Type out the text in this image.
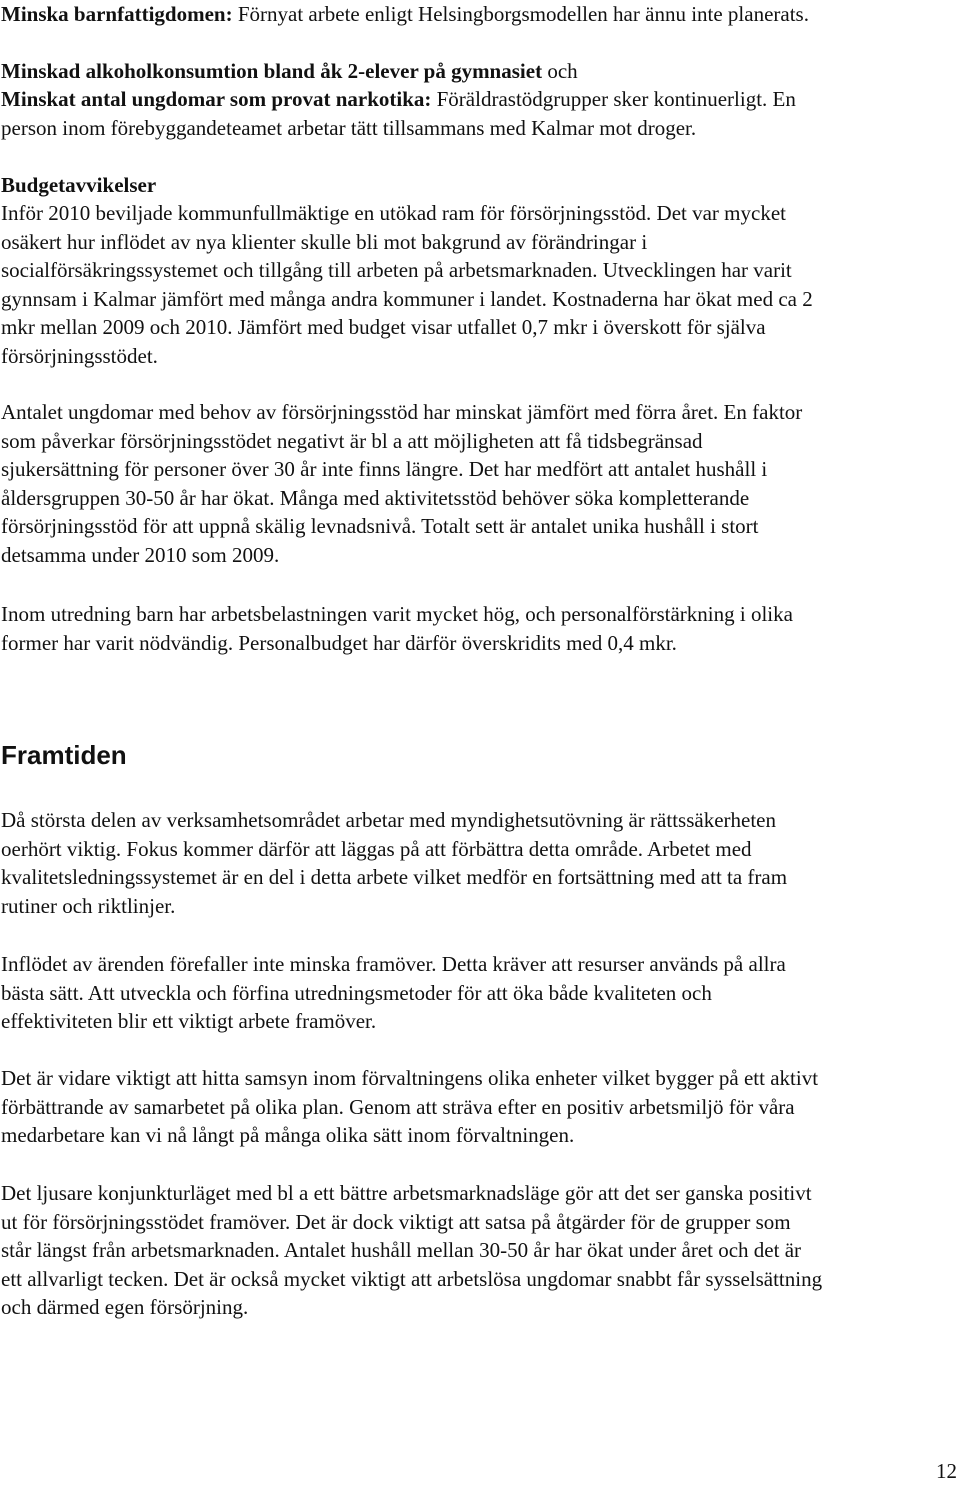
Minska barnfattigdomen: Förnyat arbete enligt Helsingborgsmodellen har ännu inte planerats.
Minskad alkoholkonsumtion bland åk 2-elever på gymnasiet och
Minskat antal ungdomar som provat narkotika: Föräldrastödgrupper sker kontinuerligt. En
person inom förebyggandeteamet arbetar tätt tillsammans med Kalmar mot droger.
Budgetavvikelser
Inför 2010 beviljade kommunfullmäktige en utökad ram för försörjningsstöd. Det var mycket
osäkert hur inflödet av nya klienter skulle bli mot bakgrund av förändringar i
socialförsäkringssystemet och tillgång till arbeten på arbetsmarknaden. Utvecklingen har varit
gynnsam i Kalmar jämfört med många andra kommuner i landet. Kostnaderna har ökat med ca 2
mkr mellan 2009 och 2010. Jämfört med budget visar utfallet 0,7 mkr i överskott för själva
försörjningsstödet.
Antalet ungdomar med behov av försörjningsstöd har minskat jämfört med förra året. En faktor
som påverkar försörjningsstödet negativt är bl a att möjligheten att få tidsbegränsad
sjukersättning för personer över 30 år inte finns längre. Det har medfört att antalet hushåll i
åldersgruppen 30-50 år har ökat. Många med aktivitetsstöd behöver söka kompletterande
försörjningsstöd för att uppnå skälig levnadsnivå. Totalt sett är antalet unika hushåll i stort
detsamma under 2010 som 2009.
Inom utredning barn har arbetsbelastningen varit mycket hög, och personalförstärkning i olika
former har varit nödvändig. Personalbudget har därför överskridits med 0,4 mkr.
Framtiden
Då största delen av verksamhetsområdet arbetar med myndighetsutövning är rättssäkerheten
oerhört viktig. Fokus kommer därför att läggas på att förbättra detta område. Arbetet med
kvalitetsledningssystemet är en del i detta arbete vilket medför en fortsättning med att ta fram
rutiner och riktlinjer.
Inflödet av ärenden förefaller inte minska framöver. Detta kräver att resurser används på allra
bästa sätt. Att utveckla och förfina utredningsmetoder för att öka både kvaliteten och
effektiviteten blir ett viktigt arbete framöver.
Det är vidare viktigt att hitta samsyn inom förvaltningens olika enheter vilket bygger på ett aktivt
förbättrande av samarbetet på olika plan. Genom att sträva efter en positiv arbetsmiljö för våra
medarbetare kan vi nå långt på många olika sätt inom förvaltningen.
Det ljusare konjunkturläget med bl a ett bättre arbetsmarknadsläge gör att det ser ganska positivt
ut för försörjningsstödet framöver. Det är dock viktigt att satsa på åtgärder för de grupper som
står längst från arbetsmarknaden. Antalet hushåll mellan 30-50 år har ökat under året och det är
ett allvarligt tecken. Det är också mycket viktigt att arbetslösa ungdomar snabbt får sysselsättning
och därmed egen försörjning.
12
